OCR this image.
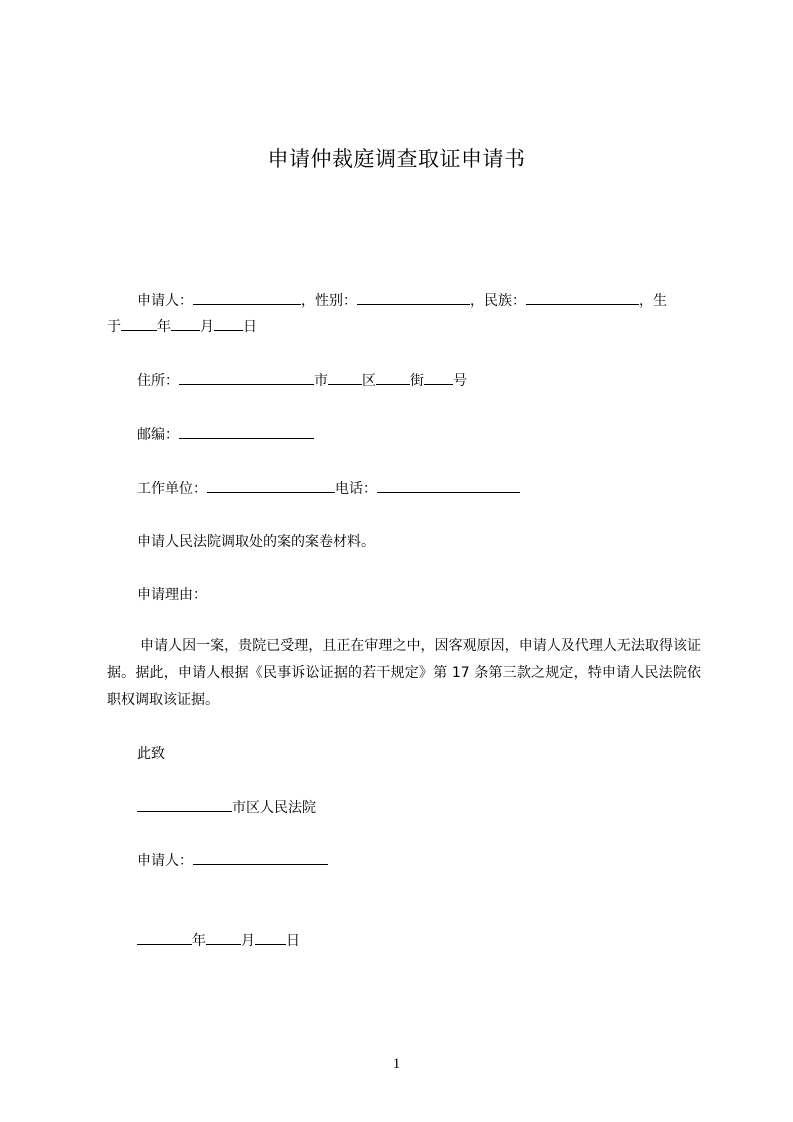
申请仲裁庭调查取证申请书
申请人：	，性别：	，民族：	，生
于	年 月 日
住所：	市 区 街 号
邮编：
工作单位：	电话：
申请人民法院调取处的案的案卷材料。
申请理由：
申请人因一案，贵院已受理，且正在审理之中，因客观原因，申请人及代理人无法取得该证据。据此，申请人根据《民事诉讼证据的若干规定》第 17 条第三款之规定，特申请人民法院依职权调取该证据。
此致
市区人民法院
申请人：
年	月 日
1
